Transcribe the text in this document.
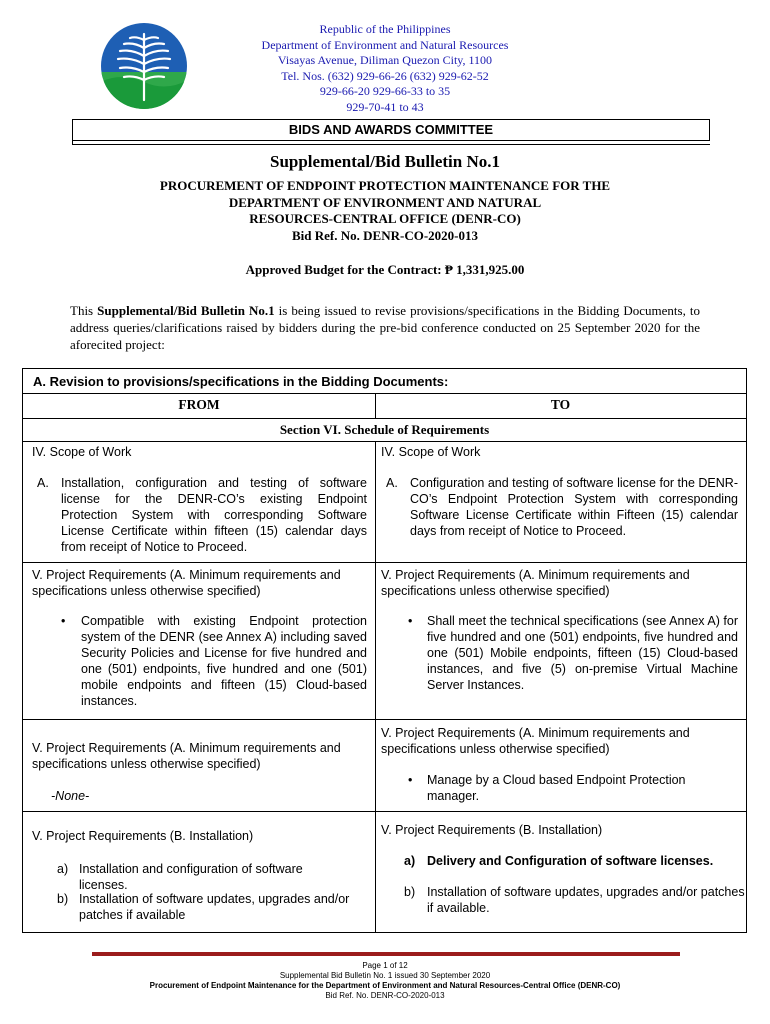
Republic of the Philippines
Department of Environment and Natural Resources
Visayas Avenue, Diliman Quezon City, 1100
Tel. Nos. (632) 929-66-26 (632) 929-62-52
929-66-20 929-66-33 to 35
929-70-41 to 43
BIDS AND AWARDS COMMITTEE
Supplemental/Bid Bulletin No.1
PROCUREMENT OF ENDPOINT PROTECTION MAINTENANCE FOR THE
DEPARTMENT OF ENVIRONMENT AND NATURAL
RESOURCES-CENTRAL OFFICE (DENR-CO)
Bid Ref. No. DENR-CO-2020-013
Approved Budget for the Contract: ₱ 1,331,925.00
This Supplemental/Bid Bulletin No.1 is being issued to revise provisions/specifications in the Bidding Documents, to address queries/clarifications raised by bidders during the pre-bid conference conducted on 25 September 2020 for the aforecited project:
A. Revision to provisions/specifications in the Bidding Documents:
FROM	TO
Section VI. Schedule of Requirements
IV. Scope of Work
A. Installation, configuration and testing of software license for the DENR-CO’s existing Endpoint Protection System with corresponding Software License Certificate within fifteen (15) calendar days from receipt of Notice to Proceed.
IV. Scope of Work
A. Configuration and testing of software license for the DENR-CO’s Endpoint Protection System with corresponding Software License Certificate within Fifteen (15) calendar days from receipt of Notice to Proceed.
V. Project Requirements (A. Minimum requirements and specifications unless otherwise specified)
• Compatible with existing Endpoint protection system of the DENR (see Annex A) including saved Security Policies and License for five hundred and one (501) endpoints, five hundred and one (501) mobile endpoints and fifteen (15) Cloud-based instances.
V. Project Requirements (A. Minimum requirements and specifications unless otherwise specified)
• Shall meet the technical specifications (see Annex A) for five hundred and one (501) endpoints, five hundred and one (501) Mobile endpoints, fifteen (15) Cloud-based instances, and five (5) on-premise Virtual Machine Server Instances.
V. Project Requirements (A. Minimum requirements and specifications unless otherwise specified)
-None-
V. Project Requirements (A. Minimum requirements and specifications unless otherwise specified)
• Manage by a Cloud based Endpoint Protection manager.
V. Project Requirements (B. Installation)
a) Installation and configuration of software licenses.
b) Installation of software updates, upgrades and/or patches if available
V. Project Requirements (B. Installation)
a) Delivery and Configuration of software licenses.
b) Installation of software updates, upgrades and/or patches if available.
Page 1 of 12
Supplemental Bid Bulletin No. 1 issued 30 September 2020
Procurement of Endpoint Maintenance for the Department of Environment and Natural Resources-Central Office (DENR-CO)
Bid Ref. No. DENR-CO-2020-013
